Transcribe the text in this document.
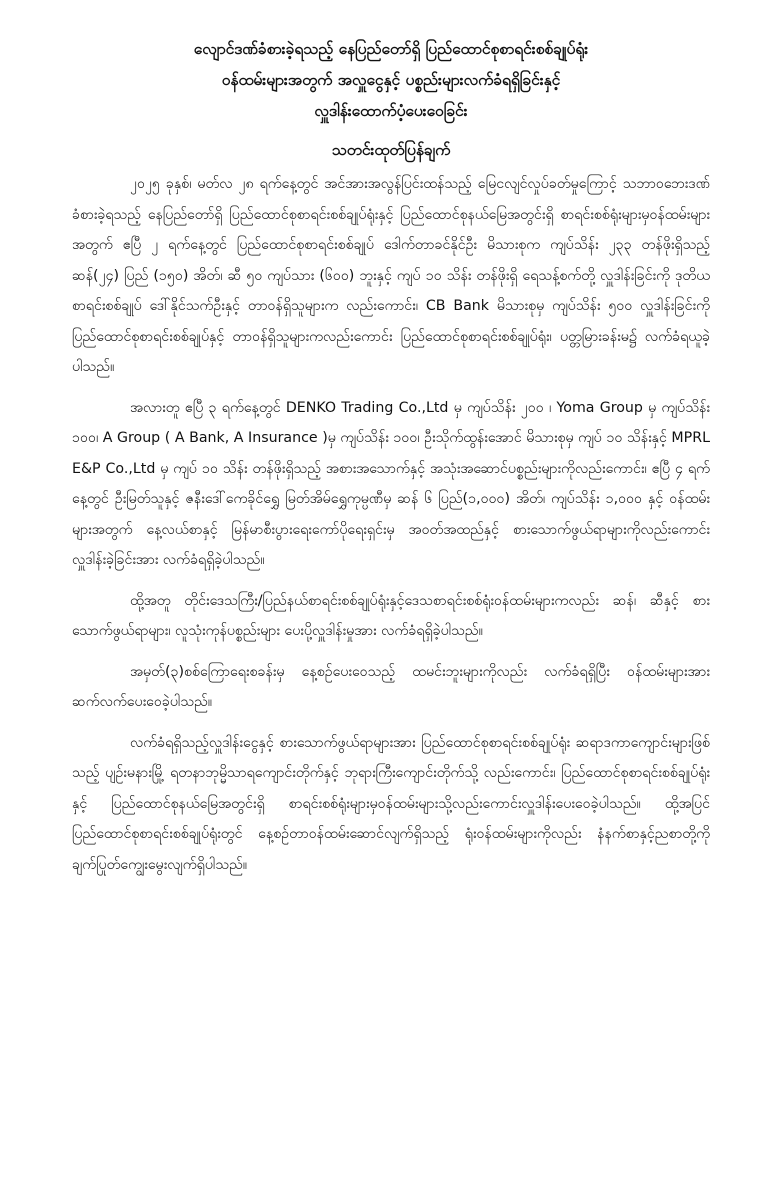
လျောင်ဒဏ်ခံစားခဲ့ရသည့် နေပြည်တော်ရှိ ပြည်ထောင်စုစာရင်းစစ်ချုပ်ရုံး
ဝန်ထမ်းများအတွက် အလှူငွေနှင့် ပစ္စည်းများလက်ခံရရှိခြင်းနှင့်
လှူဒါန်းထောက်ပံ့ပေးဝေခြင်း
သတင်းထုတ်ပြန်ချက်

၂၀၂၅ ခုနှစ်၊ မတ်လ ၂၈ ရက်နေ့တွင် အင်အားအလွန်ပြင်းထန်သည့် မြေငလျင်လှုပ်ခတ်မှုကြောင့် သဘာဝဘေးဒဏ်ခံစားခဲ့ရသည့် နေပြည်တော်ရှိ ပြည်ထောင်စုစာရင်းစစ်ချုပ်ရုံးနှင့် ပြည်ထောင်စုနယ်မြေအတွင်းရှိ စာရင်းစစ်ရုံးများမှဝန်ထမ်းများအတွက် ဧပြီ ၂ ရက်နေ့တွင် ပြည်ထောင်စုစာရင်းစစ်ချုပ် ဒေါက်တာခင်နိုင်ဦး မိသားစုက ကျပ်သိန်း ၂၃၃ တန်ဖိုးရှိသည့် ဆန်(၂၄) ပြည် (၁၅၀) အိတ်၊ ဆီ ၅၀ ကျပ်သား (၆၀၀) ဘူးနှင့် ကျပ် ၁၀ သိန်း တန်ဖိုးရှိ ရေသန့်စက်တို့ လှူဒါန်းခြင်းကို ဒုတိယစာရင်းစစ်ချုပ် ဒေါ်နိုင်သက်ဦးနှင့် တာဝန်ရှိသူများက လည်းကောင်း၊ CB Bank မိသားစုမှ ကျပ်သိန်း ၅၀၀ လှူဒါန်းခြင်းကို ပြည်ထောင်စုစာရင်းစစ်ချုပ်နှင့် တာဝန်ရှိသူများကလည်းကောင်း ပြည်ထောင်စုစာရင်းစစ်ချုပ်ရုံး၊ ပတ္တမြားခန်းမ၌ လက်ခံရယူခဲ့ပါသည်။

အလားတူ ဧပြီ ၃ ရက်နေ့တွင် DENKO Trading Co.,Ltd မှ ကျပ်သိန်း ၂၀၀ ၊ Yoma Group မှ ကျပ်သိန်း ၁၀၀၊ A Group ( A Bank, A Insurance )မှ ကျပ်သိန်း ၁၀၀၊ ဦးသိုက်ထွန်းအောင် မိသားစုမှ ကျပ် ၁၀ သိန်းနှင့် MPRL E&P Co.,Ltd မှ ကျပ် ၁၀ သိန်း တန်ဖိုးရှိသည့် အစားအသောက်နှင့် အသုံးအဆောင်ပစ္စည်းများကိုလည်းကောင်း၊ ဧပြီ ၄ ရက်နေ့တွင် ဦးမြတ်သူနှင့် ဇနီးဒေါ်ကေခိုင်ရွှေ မြတ်အိမ်ရွှေကုမ္ပဏီမှ ဆန် ၆ ပြည်(၁,၀၀၀) အိတ်၊ ကျပ်သိန်း ၁,၀၀၀ နှင့် ဝန်ထမ်းများအတွက် နေ့လယ်စာနှင့် မြန်မာစီးပွားရေးကော်ပိုရေးရှင်းမှ အဝတ်အထည်နှင့် စားသောက်ဖွယ်ရာများကိုလည်းကောင်း လှူဒါန်းခဲ့ခြင်းအား လက်ခံရရှိခဲ့ပါသည်။

ထို့အတူ တိုင်းဒေသကြီး/ပြည်နယ်စာရင်းစစ်ချုပ်ရုံးနှင့်ဒေသစာရင်းစစ်ရုံးဝန်ထမ်းများကလည်း ဆန်၊ ဆီနှင့် စားသောက်ဖွယ်ရာများ၊ လူသုံးကုန်ပစ္စည်းများ ပေးပို့လှူဒါန်းမှုအား လက်ခံရရှိခဲ့ပါသည်။

အမှတ်(၃)စစ်ကြောရေးစခန်းမှ နေ့စဉ်ပေးဝေသည့် ထမင်းဘူးများကိုလည်း လက်ခံရရှိပြီး ဝန်ထမ်းများအား ဆက်လက်ပေးဝေခဲ့ပါသည်။

လက်ခံရရှိသည့်လှူဒါန်းငွေနှင့် စားသောက်ဖွယ်ရာများအား ပြည်ထောင်စုစာရင်းစစ်ချုပ်ရုံး ဆရာဒကာကျောင်းများဖြစ်သည့် ပျဉ်းမနားမြို့ ရတနာဘုမ္မိသာရကျောင်းတိုက်နှင့် ဘုရားကြီးကျောင်းတိုက်သို့ လည်းကောင်း၊ ပြည်ထောင်စုစာရင်းစစ်ချုပ်ရုံးနှင့် ပြည်ထောင်စုနယ်မြေအတွင်းရှိ စာရင်းစစ်ရုံးများမှဝန်ထမ်းများသို့လည်းကောင်းလှူဒါန်းပေးဝေခဲ့ပါသည်။ ထို့အပြင် ပြည်ထောင်စုစာရင်းစစ်ချုပ်ရုံးတွင် နေ့စဉ်တာဝန်ထမ်းဆောင်လျက်ရှိသည့် ရုံးဝန်ထမ်းများကိုလည်း နံနက်စာနှင့်ညစာတို့ကို ချက်ပြုတ်ကျွေးမွေးလျက်ရှိပါသည်။
